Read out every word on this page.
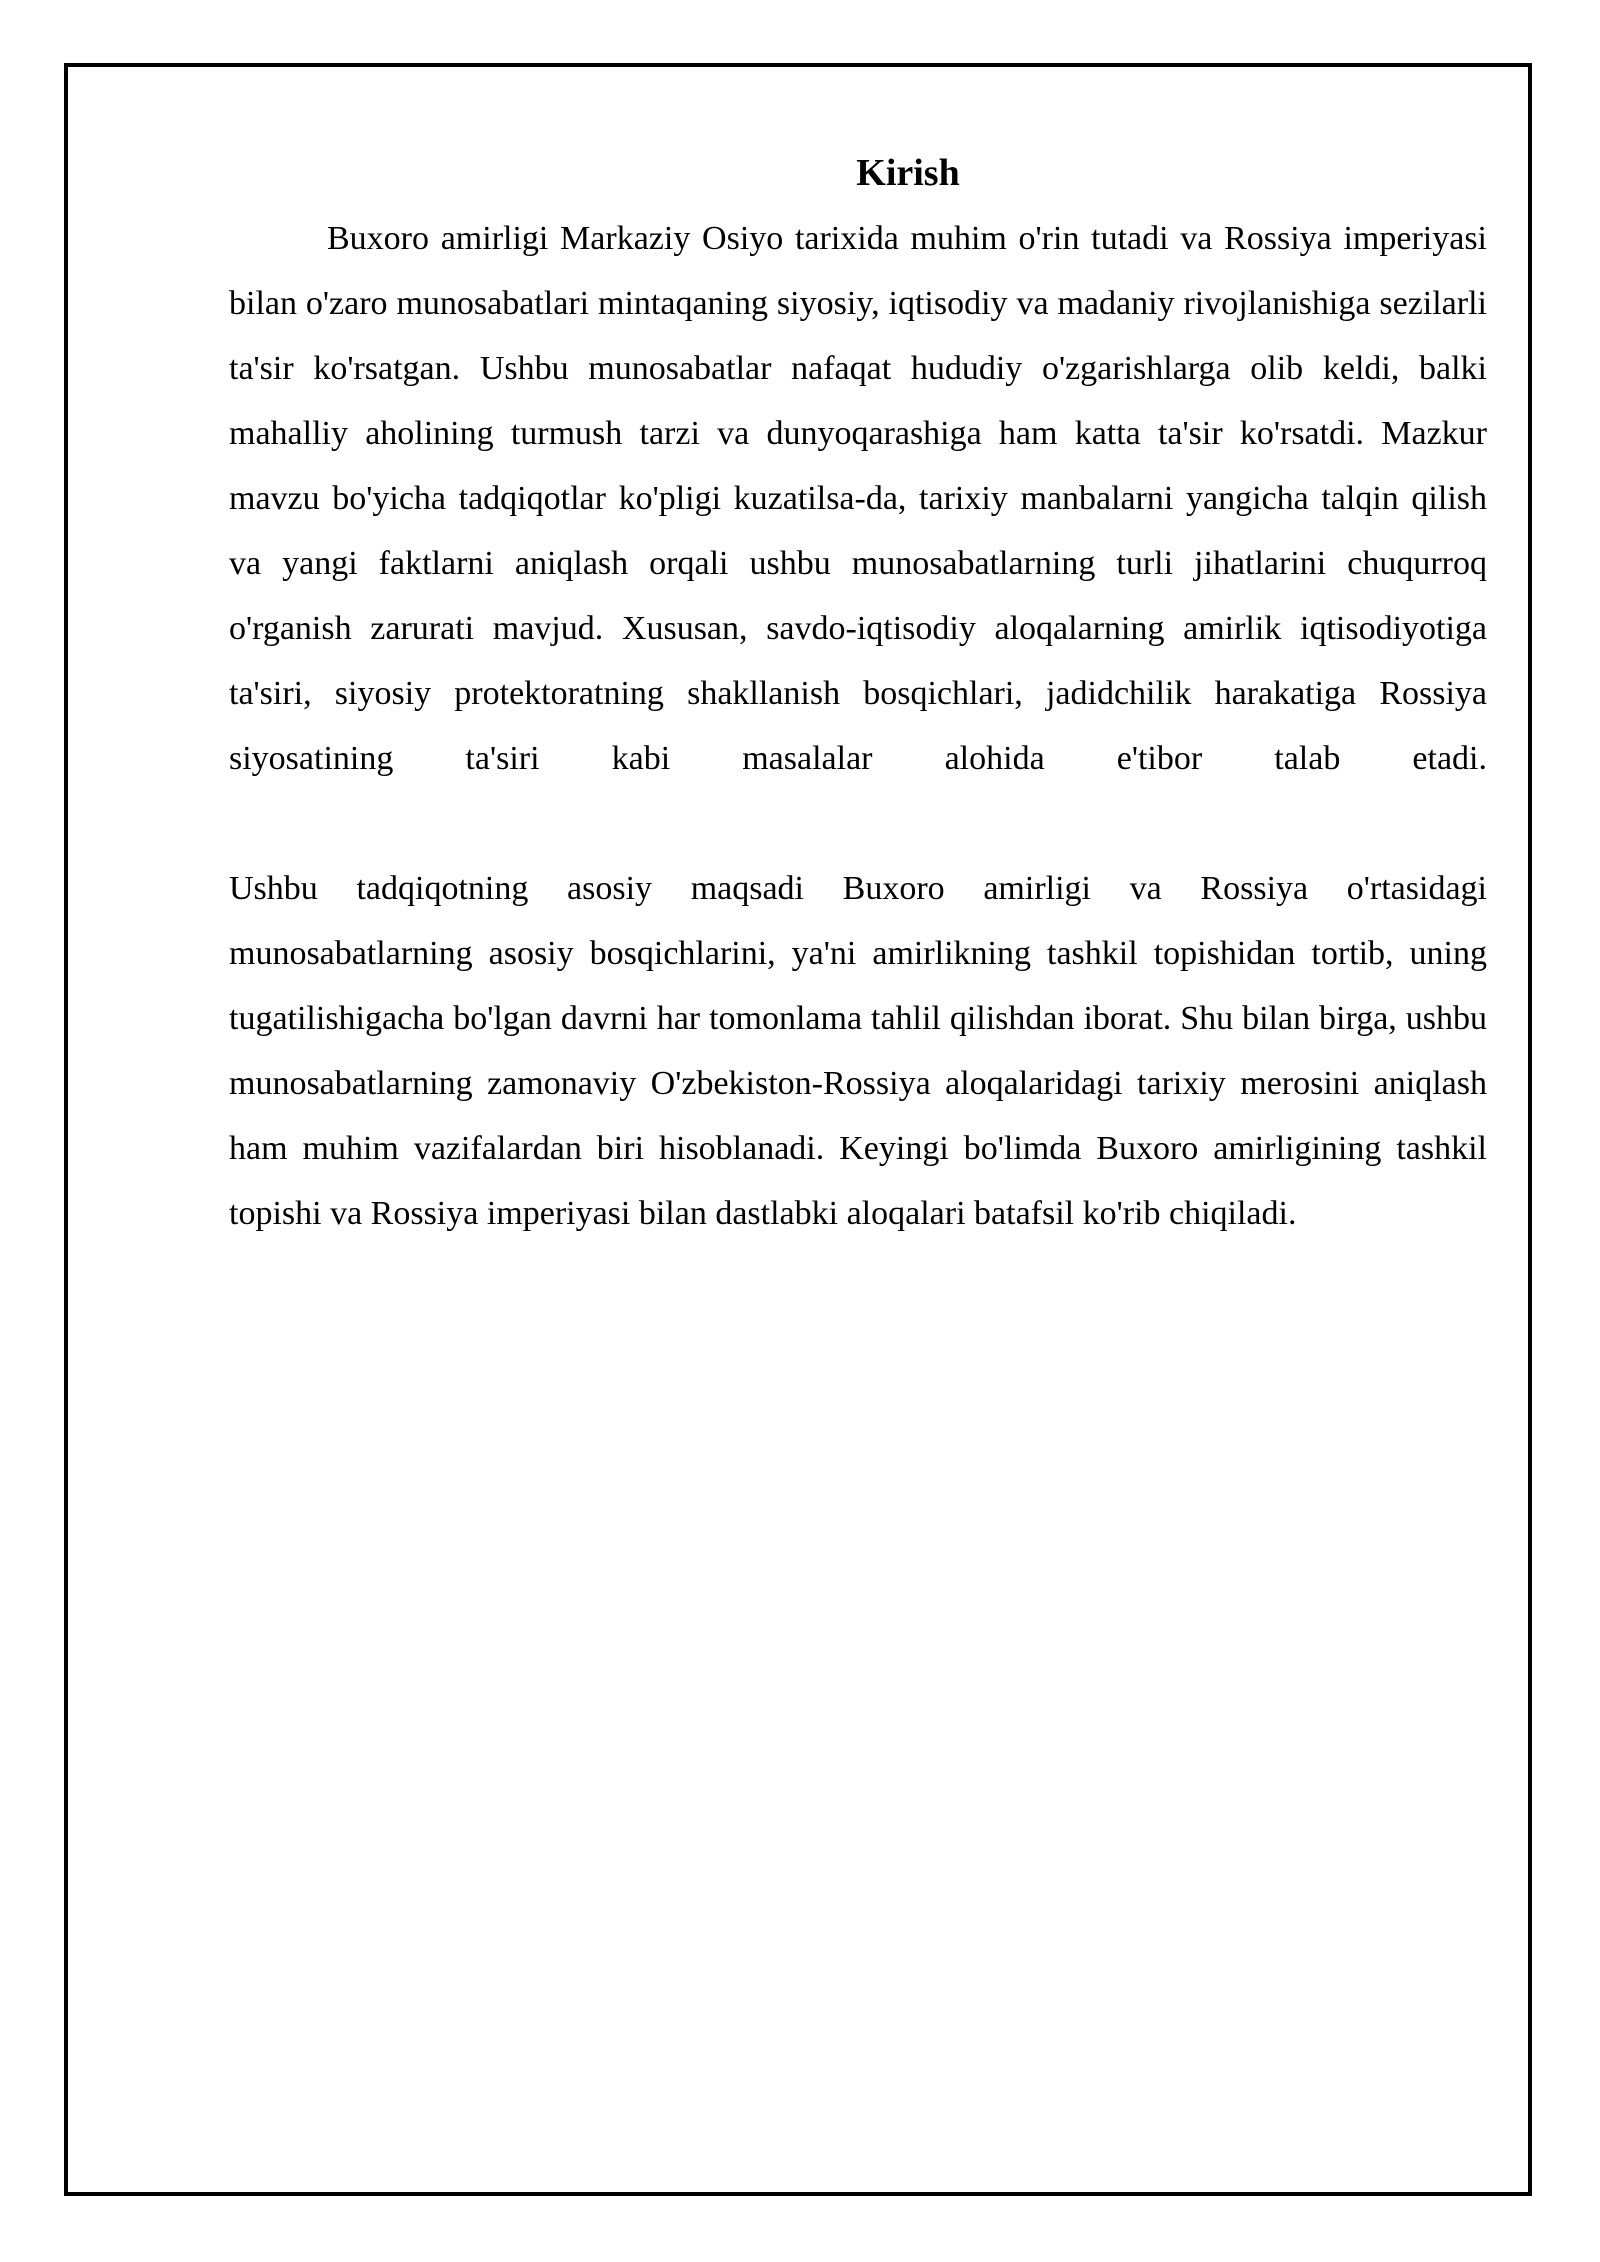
Kirish

Buxoro amirligi Markaziy Osiyo tarixida muhim o'rin tutadi va Rossiya imperiyasi bilan o'zaro munosabatlari mintaqaning siyosiy, iqtisodiy va madaniy rivojlanishiga sezilarli ta'sir ko'rsatgan. Ushbu munosabatlar nafaqat hududiy o'zgarishlarga olib keldi, balki mahalliy aholining turmush tarzi va dunyoqarashiga ham katta ta'sir ko'rsatdi. Mazkur mavzu bo'yicha tadqiqotlar ko'pligi kuzatilsa-da, tarixiy manbalarni yangicha talqin qilish va yangi faktlarni aniqlash orqali ushbu munosabatlarning turli jihatlarini chuqurroq o'rganish zarurati mavjud. Xususan, savdo-iqtisodiy aloqalarning amirlik iqtisodiyotiga ta'siri, siyosiy protektoratning shakllanish bosqichlari, jadidchilik harakatiga Rossiya siyosatining ta'siri kabi masalalar alohida e'tibor talab etadi.

Ushbu tadqiqotning asosiy maqsadi Buxoro amirligi va Rossiya o'rtasidagi munosabatlarning asosiy bosqichlarini, ya'ni amirlikning tashkil topishidan tortib, uning tugatilishigacha bo'lgan davrni har tomonlama tahlil qilishdan iborat. Shu bilan birga, ushbu munosabatlarning zamonaviy O'zbekiston-Rossiya aloqalaridagi tarixiy merosini aniqlash ham muhim vazifalardan biri hisoblanadi. Keyingi bo'limda Buxoro amirligining tashkil topishi va Rossiya imperiyasi bilan dastlabki aloqalari batafsil ko'rib chiqiladi.
